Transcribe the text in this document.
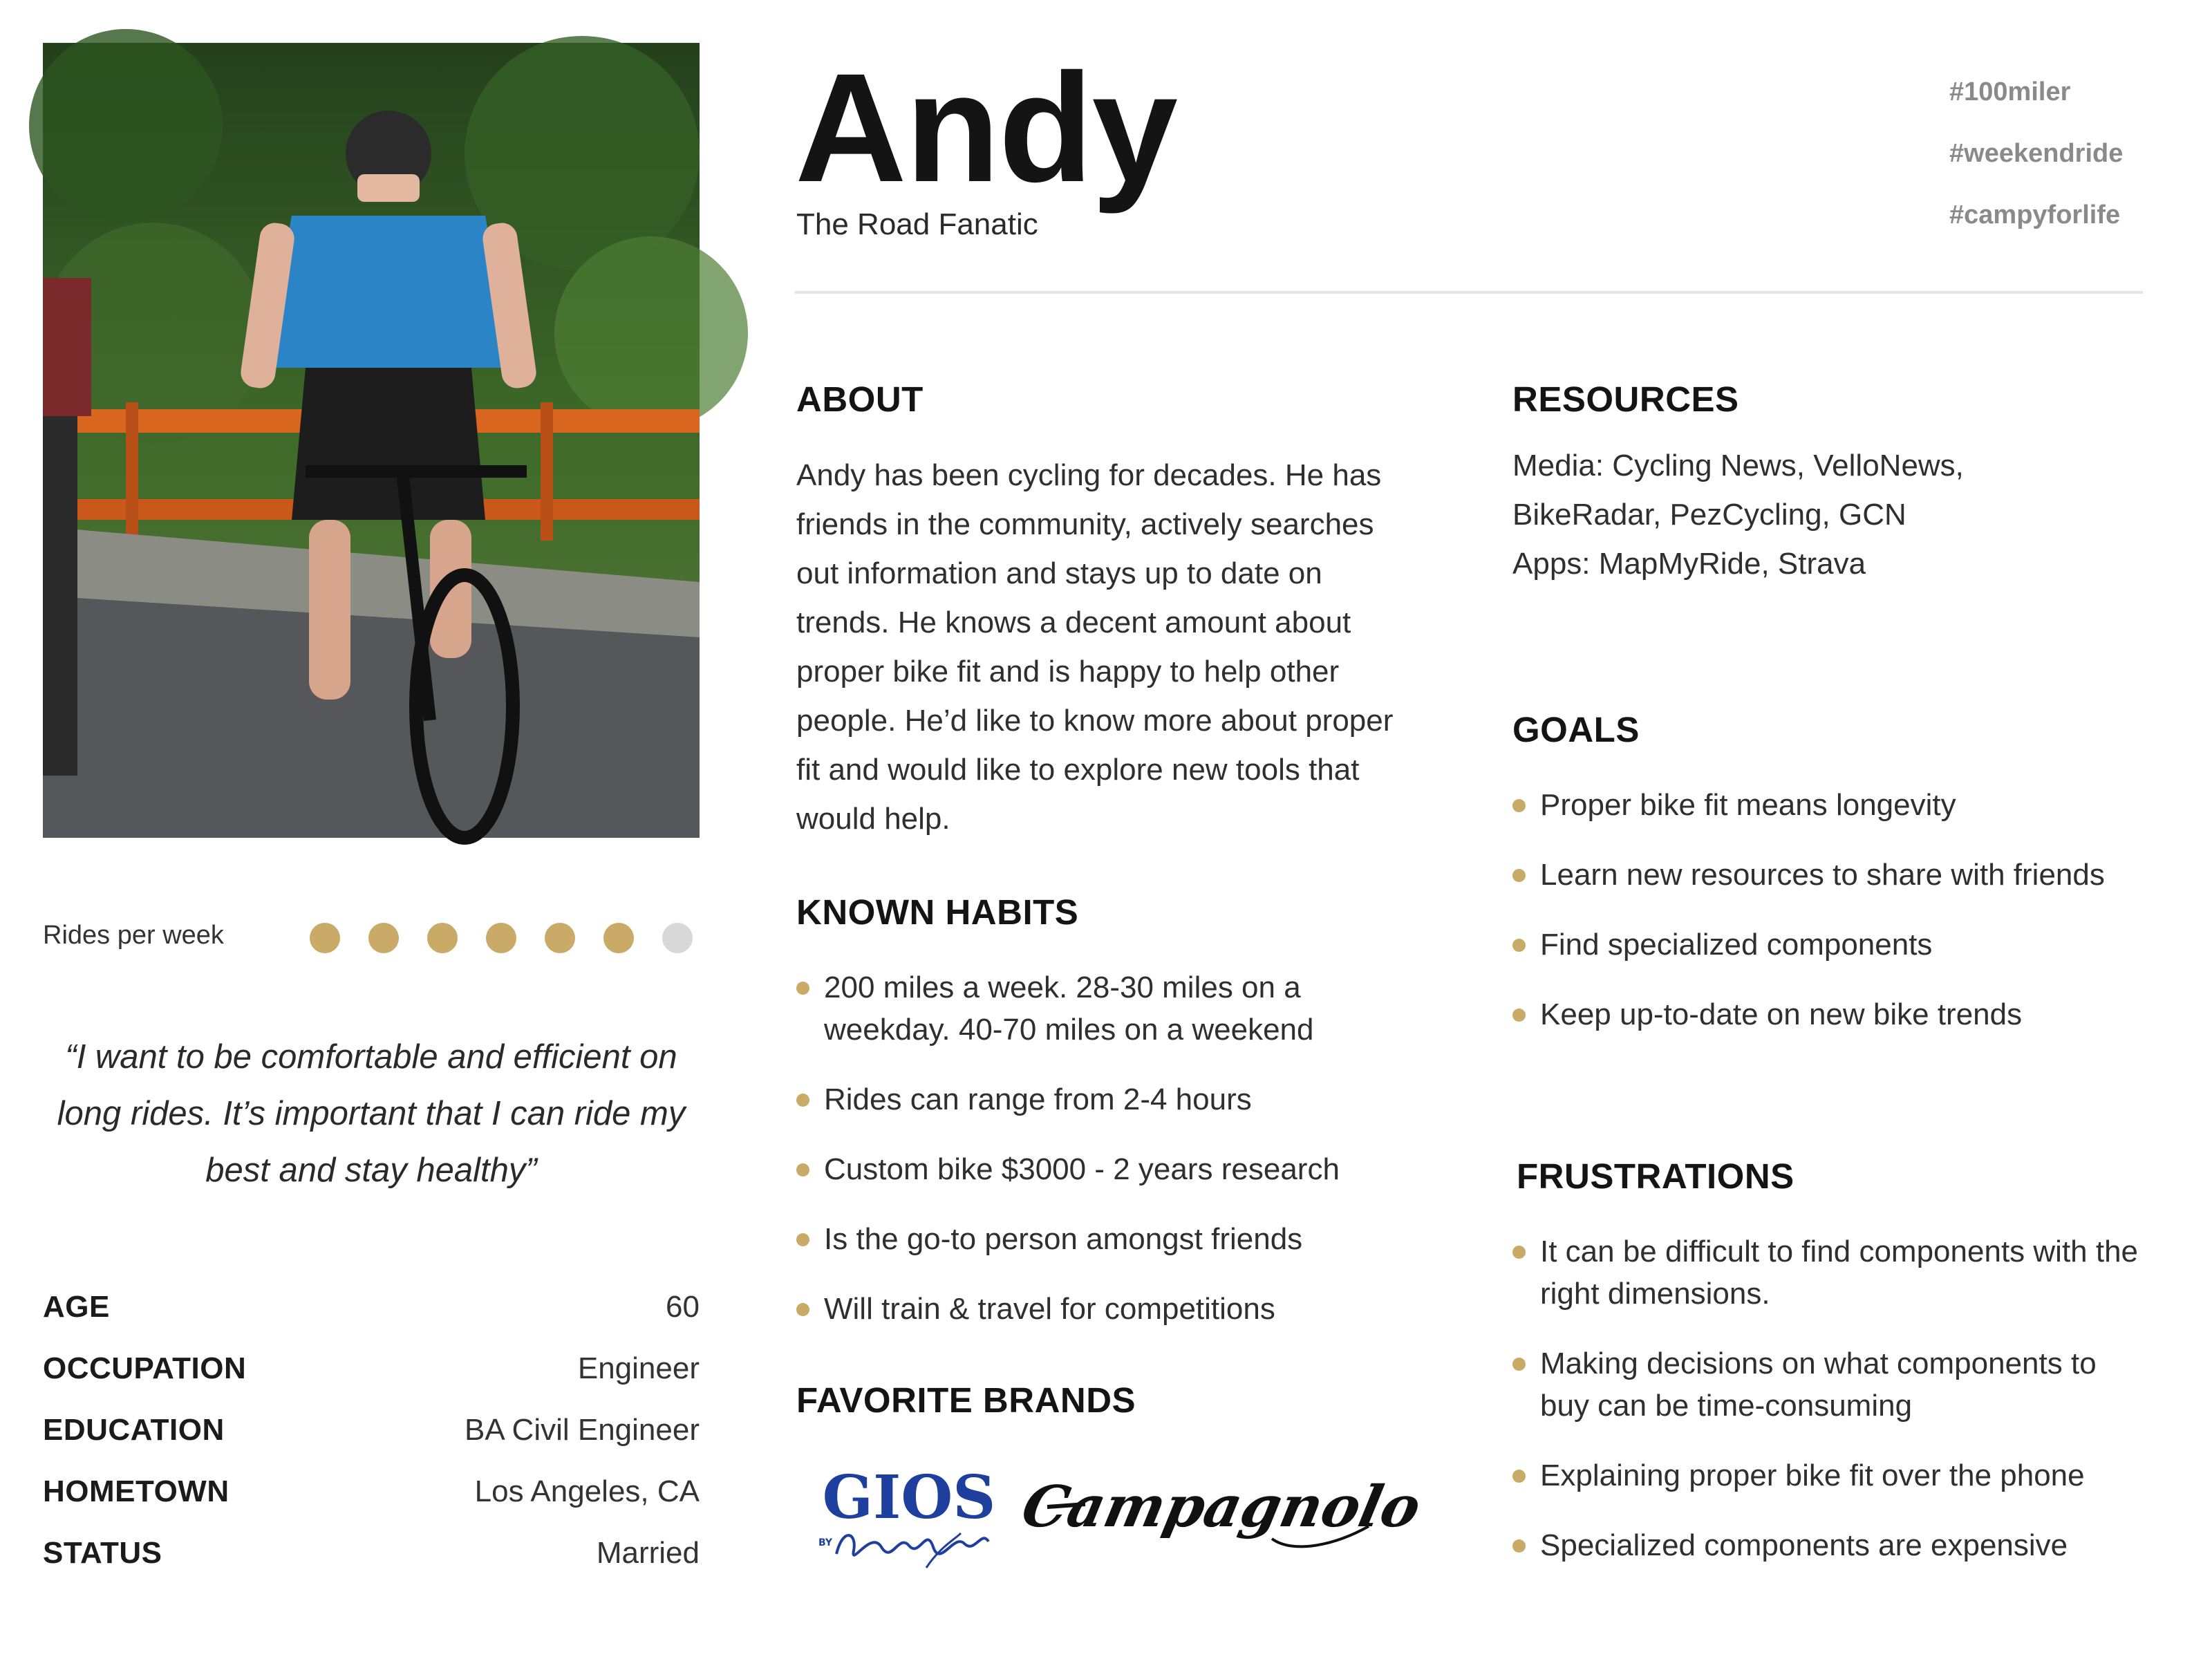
Rides per week
“I want to be comfortable and efficient on long rides. It’s important that I can ride my best and stay healthy”
AGE	60
OCCUPATION	Engineer
EDUCATION	BA Civil Engineer
HOMETOWN	Los Angeles, CA
STATUS	Married
Andy
The Road Fanatic
#100miler
#weekendride
#campyforlife
ABOUT
Andy has been cycling for decades. He has friends in the community, actively searches out information and stays up to date on trends. He knows a decent amount about proper bike fit and is happy to help other people. He’d like to know more about proper fit and would like to explore new tools that would help.
KNOWN HABITS
200 miles a week. 28-30 miles on a weekday. 40-70 miles on a weekend
Rides can range from 2-4 hours
Custom bike $3000 - 2 years research
Is the go-to person amongst friends
Will train & travel for competitions
FAVORITE BRANDS
GIOS
BY
Campagnolo
RESOURCES
Media: Cycling News, VelloNews,
BikeRadar, PezCycling, GCN
Apps: MapMyRide, Strava
GOALS
Proper bike fit means longevity
Learn new resources to share with friends
Find specialized components
Keep up-to-date on new bike trends
FRUSTRATIONS
It can be difficult to find components with the right dimensions.
Making decisions on what components to buy can be time-consuming
Explaining proper bike fit over the phone
Specialized components are expensive
